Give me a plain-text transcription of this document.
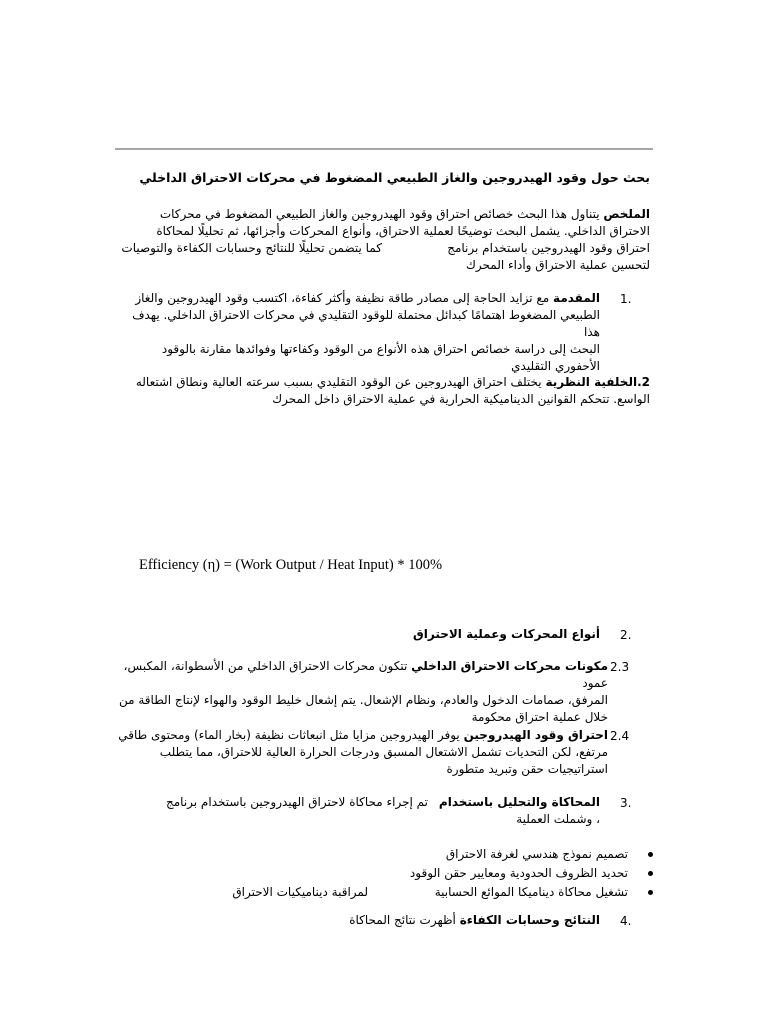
بحث حول وقود الهيدروجين والغاز الطبيعي المضغوط في محركات الاحتراق الداخلي
الملخص يتناول هذا البحث خصائص احتراق وقود الهيدروجين والغاز الطبيعي المضغوط في محركات
الاحتراق الداخلي. يشمل البحث توضيحًا لعملية الاحتراق، وأنواع المحركات وأجزائها، ثم تحليلًا لمحاكاة
احتراق وقود الهيدروجين باستخدام برنامج
كما يتضمن تحليلًا للنتائج وحسابات الكفاءة والتوصيات
لتحسين عملية الاحتراق وأداء المحرك
1.
المقدمة مع تزايد الحاجة إلى مصادر طاقة نظيفة وأكثر كفاءة، اكتسب وقود الهيدروجين والغاز
الطبيعي المضغوط اهتمامًا كبدائل محتملة للوقود التقليدي في محركات الاحتراق الداخلي. يهدف هذا
البحث إلى دراسة خصائص احتراق هذه الأنواع من الوقود وكفاءتها وفوائدها مقارنة بالوقود
الأحفوري التقليدي
2.الخلفية النظرية يختلف احتراق الهيدروجين عن الوقود التقليدي بسبب سرعته العالية ونطاق اشتعاله
الواسع. تتحكم القوانين الديناميكية الحرارية في عملية الاحتراق داخل المحرك
Efficiency (η) = (Work Output / Heat Input) * 100%
2.
أنواع المحركات وعملية الاحتراق
2.3
مكونات محركات الاحتراق الداخلي تتكون محركات الاحتراق الداخلي من الأسطوانة، المكبس، عمود
المرفق، صمامات الدخول والعادم، ونظام الإشعال. يتم إشعال خليط الوقود والهواء لإنتاج الطاقة من
خلال عملية احتراق محكومة
2.4
احتراق وقود الهيدروجين يوفر الهيدروجين مزايا مثل انبعاثات نظيفة (بخار الماء) ومحتوى طاقي
مرتفع، لكن التحديات تشمل الاشتعال المسبق ودرجات الحرارة العالية للاحتراق، مما يتطلب
استراتيجيات حقن وتبريد متطورة
3.
المحاكاة والتحليل باستخدام
تم إجراء محاكاة لاحتراق الهيدروجين باستخدام برنامج
، وشملت العملية
تصميم نموذج هندسي لغرفة الاحتراق
تحديد الظروف الحدودية ومعايير حقن الوقود
تشغيل محاكاة ديناميكا الموائع الحسابية
لمراقبة ديناميكيات الاحتراق
4.
النتائج وحسابات الكفاءة أظهرت نتائج المحاكاة
